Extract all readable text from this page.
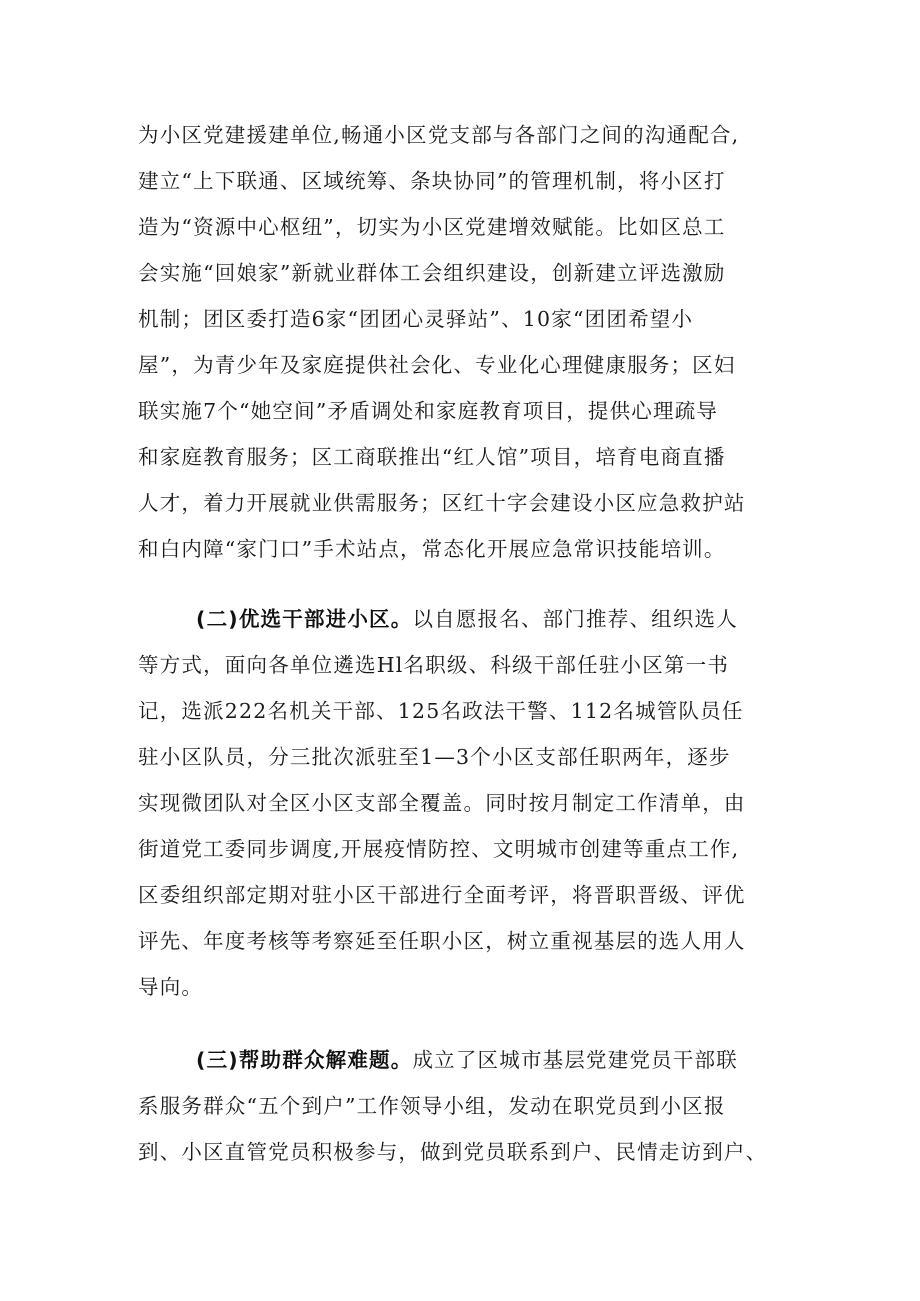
为小区党建援建单位,畅通小区党支部与各部门之间的沟通配合,
建立“上下联通、区域统筹、条块协同”的管理机制，将小区打
造为“资源中心枢纽”，切实为小区党建增效赋能。比如区总工
会实施“回娘家”新就业群体工会组织建设，创新建立评选激励
机制；团区委打造6家“团团心灵驿站”、10家“团团希望小
屋”，为青少年及家庭提供社会化、专业化心理健康服务；区妇
联实施7个“她空间”矛盾调处和家庭教育项目，提供心理疏导
和家庭教育服务；区工商联推出“红人馆”项目，培育电商直播
人才，着力开展就业供需服务；区红十字会建设小区应急救护站
和白内障“家门口”手术站点，常态化开展应急常识技能培训。
(二)优选干部进小区。以自愿报名、部门推荐、组织选人
等方式，面向各单位遴选Hl名职级、科级干部任驻小区第一书
记，选派222名机关干部、125名政法干警、112名城管队员任
驻小区队员，分三批次派驻至1—3个小区支部任职两年，逐步
实现微团队对全区小区支部全覆盖。同时按月制定工作清单，由
街道党工委同步调度,开展疫情防控、文明城市创建等重点工作,
区委组织部定期对驻小区干部进行全面考评，将晋职晋级、评优
评先、年度考核等考察延至任职小区，树立重视基层的选人用人
导向。
(三)帮助群众解难题。成立了区城市基层党建党员干部联
系服务群众“五个到户”工作领导小组，发动在职党员到小区报
到、小区直管党员积极参与，做到党员联系到户、民情走访到户、
